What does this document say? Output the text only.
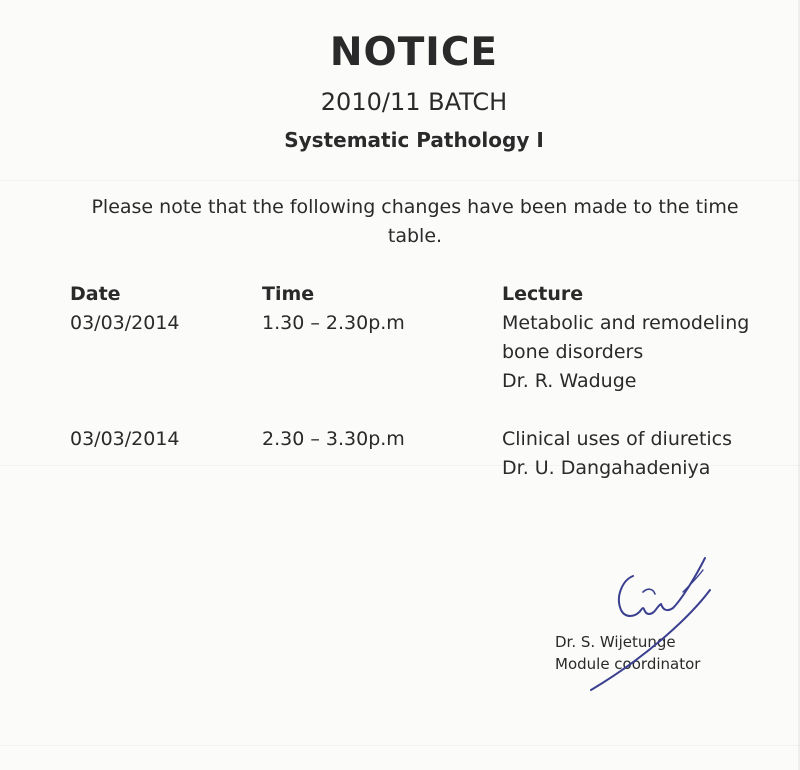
NOTICE
2010/11 BATCH
Systematic Pathology I
Please note that the following changes have been made to the time table.
Date	Time	Lecture
03/03/2014	1.30 – 2.30p.m	Metabolic and remodeling
bone disorders
Dr. R. Waduge
03/03/2014	2.30 – 3.30p.m	Clinical uses of diuretics
Dr. U. Dangahadeniya
Dr. S. Wijetunge
Module coordinator
